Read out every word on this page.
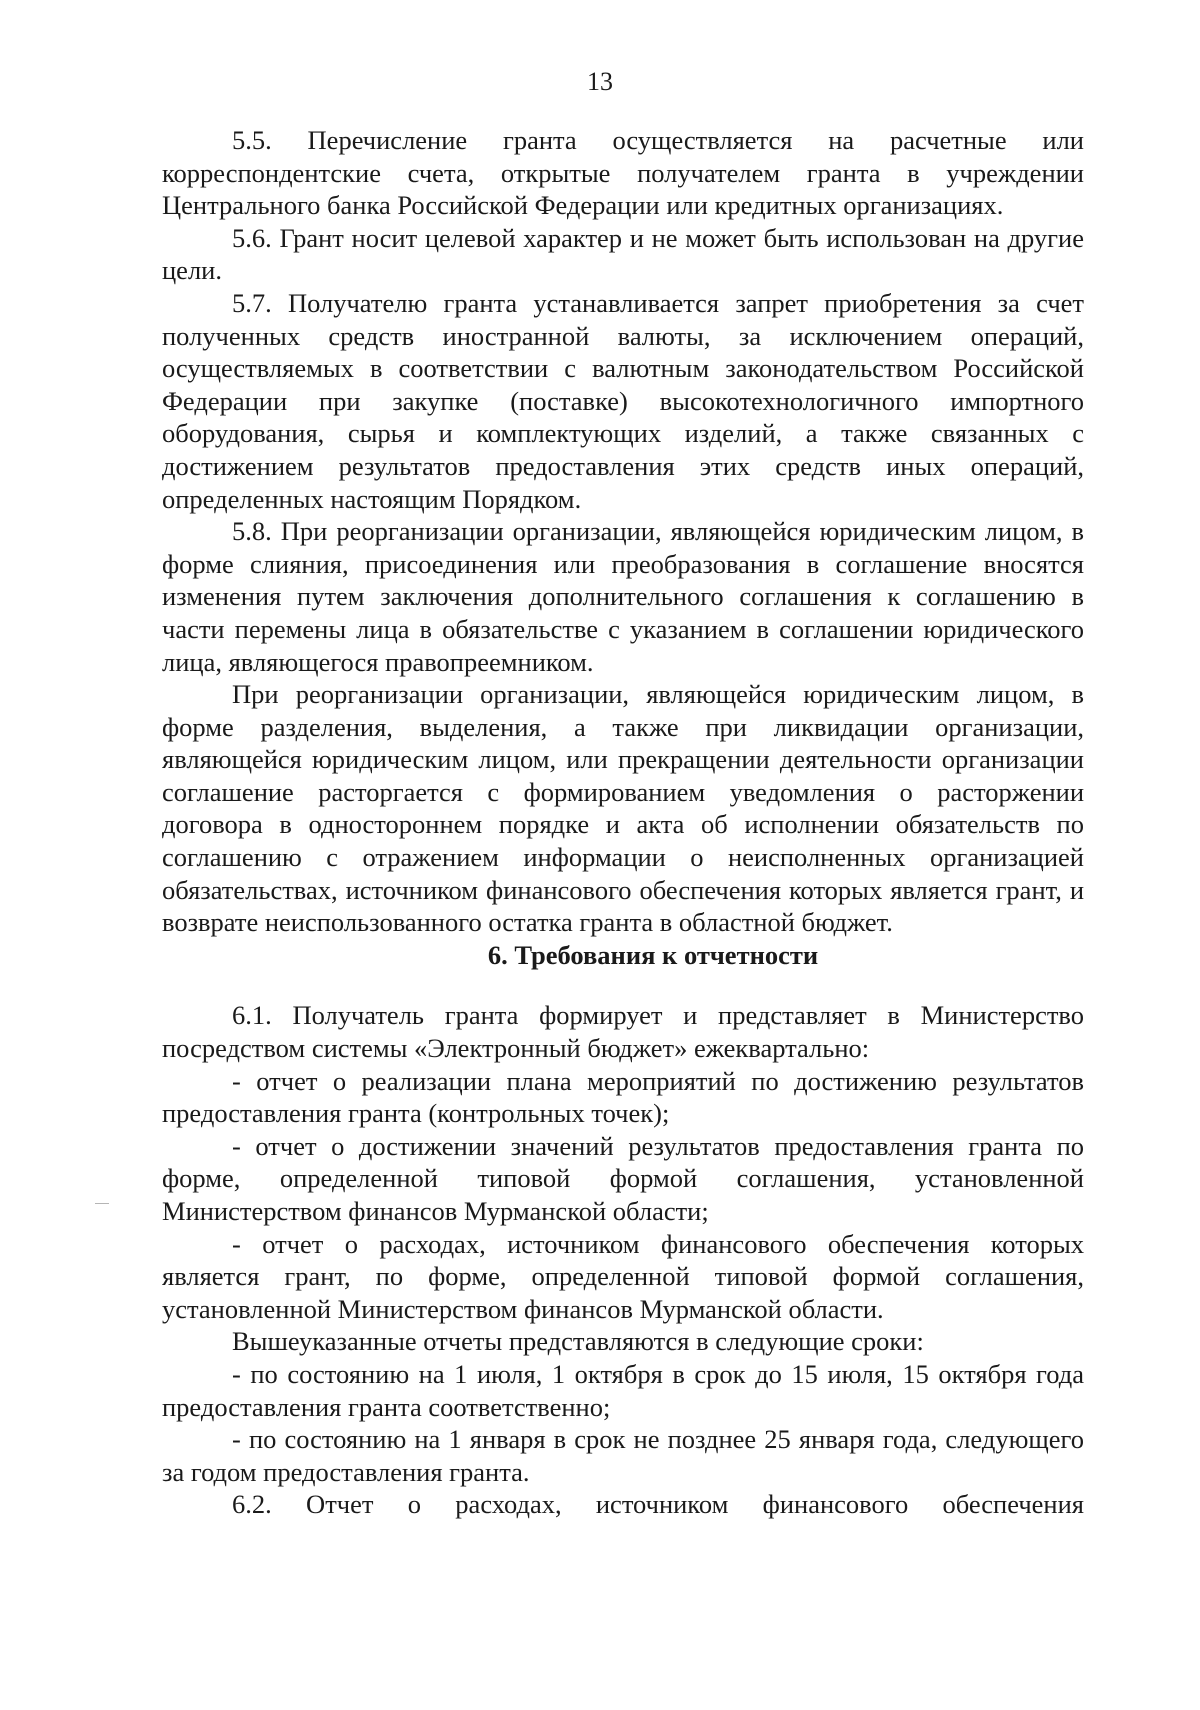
13

5.5. Перечисление гранта осуществляется на расчетные или корреспондентские счета, открытые получателем гранта в учреждении Центрального банка Российской Федерации или кредитных организациях.

5.6. Грант носит целевой характер и не может быть использован на другие цели.

5.7. Получателю гранта устанавливается запрет приобретения за счет полученных средств иностранной валюты, за исключением операций, осуществляемых в соответствии с валютным законодательством Российской Федерации при закупке (поставке) высокотехнологичного импортного оборудования, сырья и комплектующих изделий, а также связанных с достижением результатов предоставления этих средств иных операций, определенных настоящим Порядком.

5.8. При реорганизации организации, являющейся юридическим лицом, в форме слияния, присоединения или преобразования в соглашение вносятся изменения путем заключения дополнительного соглашения к соглашению в части перемены лица в обязательстве с указанием в соглашении юридического лица, являющегося правопреемником.

При реорганизации организации, являющейся юридическим лицом, в форме разделения, выделения, а также при ликвидации организации, являющейся юридическим лицом, или прекращении деятельности организации соглашение расторгается с формированием уведомления о расторжении договора в одностороннем порядке и акта об исполнении обязательств по соглашению с отражением информации о неисполненных организацией обязательствах, источником финансового обеспечения которых является грант, и возврате неиспользованного остатка гранта в областной бюджет.

6. Требования к отчетности

6.1. Получатель гранта формирует и представляет в Министерство посредством системы «Электронный бюджет» ежеквартально:

- отчет о реализации плана мероприятий по достижению результатов предоставления гранта (контрольных точек);

- отчет о достижении значений результатов предоставления гранта по форме, определенной типовой формой соглашения, установленной Министерством финансов Мурманской области;

- отчет о расходах, источником финансового обеспечения которых является грант, по форме, определенной типовой формой соглашения, установленной Министерством финансов Мурманской области.

Вышеуказанные отчеты представляются в следующие сроки:

- по состоянию на 1 июля, 1 октября в срок до 15 июля, 15 октября года предоставления гранта соответственно;

- по состоянию на 1 января в срок не позднее 25 января года, следующего за годом предоставления гранта.

6.2. Отчет о расходах, источником финансового обеспечения
